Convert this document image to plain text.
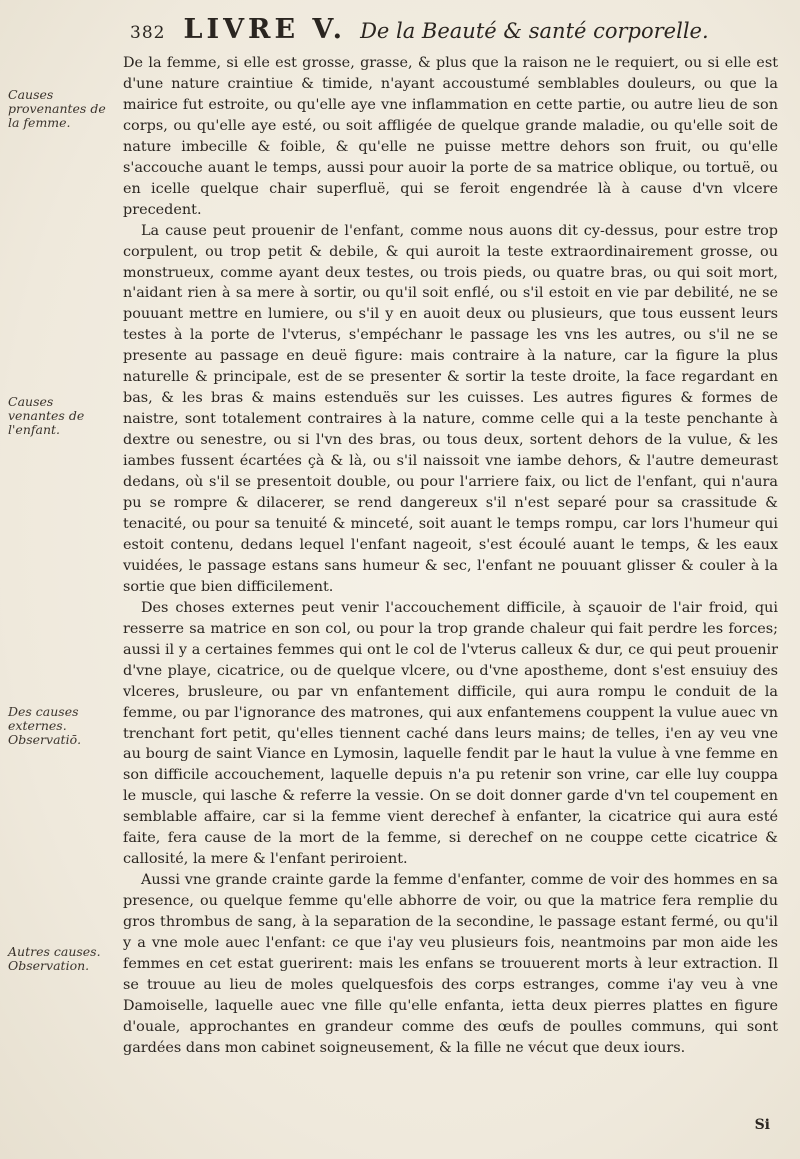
382 LIVRE V. De la Beauté & santé corporelle.
Causes provenantes de la femme.
Causes venantes de l'enfant.
Des causes externes. Observatiō.
Autres causes. Observation.

De la femme, si elle est grosse, grasse, & plus que la raison ne le requiert, ou si elle est d'une nature craintiue & timide, n'ayant accoustumé semblables douleurs, ou que la mairice fut estroite, ou qu'elle aye vne inflammation en cette partie, ou autre lieu de son corps, ou qu'elle aye esté, ou soit affligée de quelque grande maladie, ou qu'elle soit de nature imbecille & foible, & qu'elle ne puisse mettre dehors son fruit, ou qu'elle s'accouche auant le temps, aussi pour auoir la porte de sa matrice oblique, ou tortuë, ou en icelle quelque chair superfluë, qui se feroit engendrée là à cause d'vn vlcere precedent.

La cause peut prouenir de l'enfant, comme nous auons dit cy-dessus, pour estre trop corpulent, ou trop petit & debile, & qui auroit la teste extraordinairement grosse, ou monstrueux, comme ayant deux testes, ou trois pieds, ou quatre bras, ou qui soit mort, n'aidant rien à sa mere à sortir, ou qu'il soit enflé, ou s'il estoit en vie par debilité, ne se pouuant mettre en lumiere, ou s'il y en auoit deux ou plusieurs, que tous eussent leurs testes à la porte de l'vterus, s'empéchanr le passage les vns les autres, ou s'il ne se presente au passage en deuë figure: mais contraire à la nature, car la figure la plus naturelle & principale, est de se presenter & sortir la teste droite, la face regardant en bas, & les bras & mains estenduës sur les cuisses. Les autres figures & formes de naistre, sont totalement contraires à la nature, comme celle qui a la teste penchante à dextre ou senestre, ou si l'vn des bras, ou tous deux, sortent dehors de la vulue, & les iambes fussent écartées çà & là, ou s'il naissoit vne iambe dehors, & l'autre demeurast dedans, où s'il se presentoit double, ou pour l'arriere faix, ou lict de l'enfant, qui n'aura pu se rompre & dilacerer, se rend dangereux s'il n'est separé pour sa crassitude & tenacité, ou pour sa tenuité & minceté, soit auant le temps rompu, car lors l'humeur qui estoit contenu, dedans lequel l'enfant nageoit, s'est écoulé auant le temps, & les eaux vuidées, le passage estans sans humeur & sec, l'enfant ne pouuant glisser & couler à la sortie que bien difficilement.

Des choses externes peut venir l'accouchement difficile, à sçauoir de l'air froid, qui resserre sa matrice en son col, ou pour la trop grande chaleur qui fait perdre les forces; aussi il y a certaines femmes qui ont le col de l'vterus calleux & dur, ce qui peut prouenir d'vne playe, cicatrice, ou de quelque vlcere, ou d'vne apostheme, dont s'est ensuiuy des vlceres, brusleure, ou par vn enfantement difficile, qui aura rompu le conduit de la femme, ou par l'ignorance des matrones, qui aux enfantemens couppent la vulue auec vn trenchant fort petit, qu'elles tiennent caché dans leurs mains; de telles, i'en ay veu vne au bourg de saint Viance en Lymosin, laquelle fendit par le haut la vulue à vne femme en son difficile accouchement, laquelle depuis n'a pu retenir son vrine, car elle luy couppa le muscle, qui lasche & referre la vessie. On se doit donner garde d'vn tel coupement en semblable affaire, car si la femme vient derechef à enfanter, la cicatrice qui aura esté faite, fera cause de la mort de la femme, si derechef on ne couppe cette cicatrice & callosité, la mere & l'enfant periroient.

Aussi vne grande crainte garde la femme d'enfanter, comme de voir des hommes en sa presence, ou quelque femme qu'elle abhorre de voir, ou que la matrice fera remplie du gros thrombus de sang, à la separation de la secondine, le passage estant fermé, ou qu'il y a vne mole auec l'enfant: ce que i'ay veu plusieurs fois, neantmoins par mon aide les femmes en cet estat guerirent: mais les enfans se trouuerent morts à leur extraction. Il se trouue au lieu de moles quelquesfois des corps estranges, comme i'ay veu à vne Damoiselle, laquelle auec vne fille qu'elle enfanta, ietta deux pierres plattes en figure d'ouale, approchantes en grandeur comme des œufs de poulles communs, qui sont gardées dans mon cabinet soigneusement, & la fille ne vécut que deux iours.

Si
